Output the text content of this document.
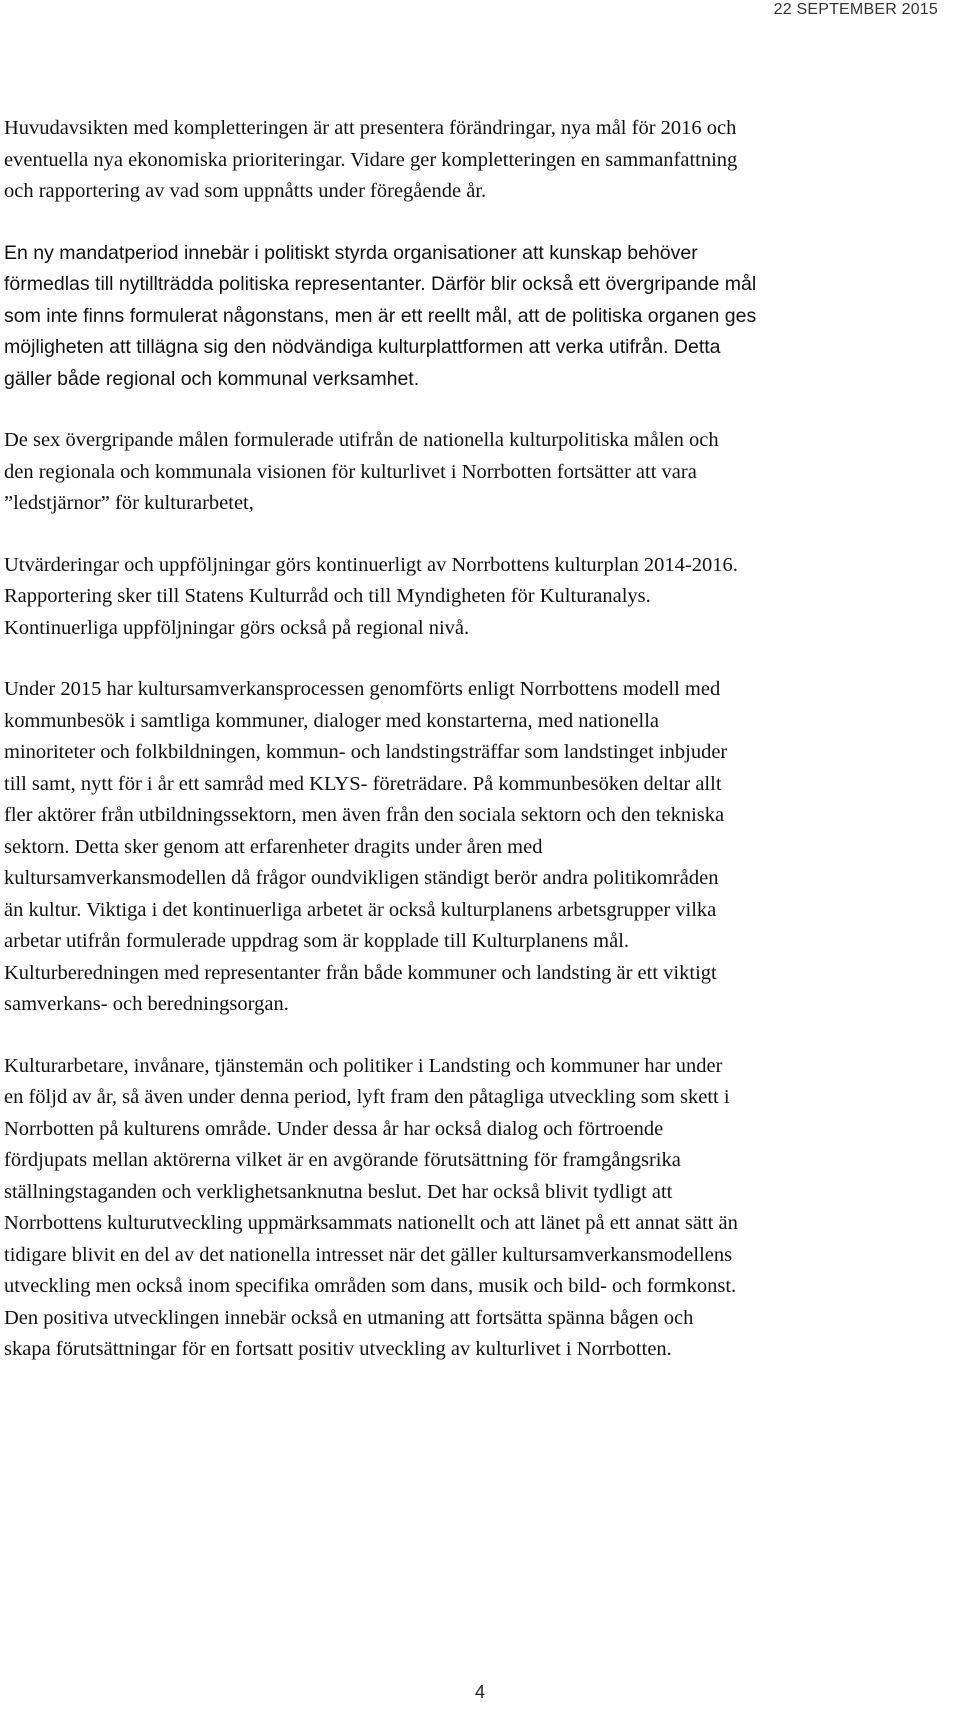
22 SEPTEMBER 2015

Huvudavsikten med kompletteringen är att presentera förändringar, nya mål för 2016 och
eventuella nya ekonomiska prioriteringar. Vidare ger kompletteringen en sammanfattning
och rapportering av vad som uppnåtts under föregående år.

En ny mandatperiod innebär i politiskt styrda organisationer att kunskap behöver
förmedlas till nytillträdda politiska representanter. Därför blir också ett övergripande mål
som inte finns formulerat någonstans, men är ett reellt mål, att de politiska organen ges
möjligheten att tillägna sig den nödvändiga kulturplattformen att verka utifrån. Detta
gäller både regional och kommunal verksamhet.

De sex övergripande målen formulerade utifrån de nationella kulturpolitiska målen och
den regionala och kommunala visionen för kulturlivet i Norrbotten fortsätter att vara
”ledstjärnor” för kulturarbetet,

Utvärderingar och uppföljningar görs kontinuerligt av Norrbottens kulturplan 2014-2016.
Rapportering sker till Statens Kulturråd och till Myndigheten för Kulturanalys.
Kontinuerliga uppföljningar görs också på regional nivå.

Under 2015 har kultursamverkansprocessen genomförts enligt Norrbottens modell med
kommunbesök i samtliga kommuner, dialoger med konstarterna, med nationella
minoriteter och folkbildningen, kommun- och landstingsträffar som landstinget inbjuder
till samt, nytt för i år ett samråd med KLYS- företrädare. På kommunbesöken deltar allt
fler aktörer från utbildningssektorn, men även från den sociala sektorn och den tekniska
sektorn. Detta sker genom att erfarenheter dragits under åren med
kultursamverkansmodellen då frågor oundvikligen ständigt berör andra politikområden
än kultur. Viktiga i det kontinuerliga arbetet är också kulturplanens arbetsgrupper vilka
arbetar utifrån formulerade uppdrag som är kopplade till Kulturplanens mål.
Kulturberedningen med representanter från både kommuner och landsting är ett viktigt
samverkans- och beredningsorgan.

Kulturarbetare, invånare, tjänstemän och politiker i Landsting och kommuner har under
en följd av år, så även under denna period, lyft fram den påtagliga utveckling som skett i
Norrbotten på kulturens område. Under dessa år har också dialog och förtroende
fördjupats mellan aktörerna vilket är en avgörande förutsättning för framgångsrika
ställningstaganden och verklighetsanknutna beslut. Det har också blivit tydligt att
Norrbottens kulturutveckling uppmärksammats nationellt och att länet på ett annat sätt än
tidigare blivit en del av det nationella intresset när det gäller kultursamverkansmodellens
utveckling men också inom specifika områden som dans, musik och bild- och formkonst.
Den positiva utvecklingen innebär också en utmaning att fortsätta spänna bågen och
skapa förutsättningar för en fortsatt positiv utveckling av kulturlivet i Norrbotten.

4
